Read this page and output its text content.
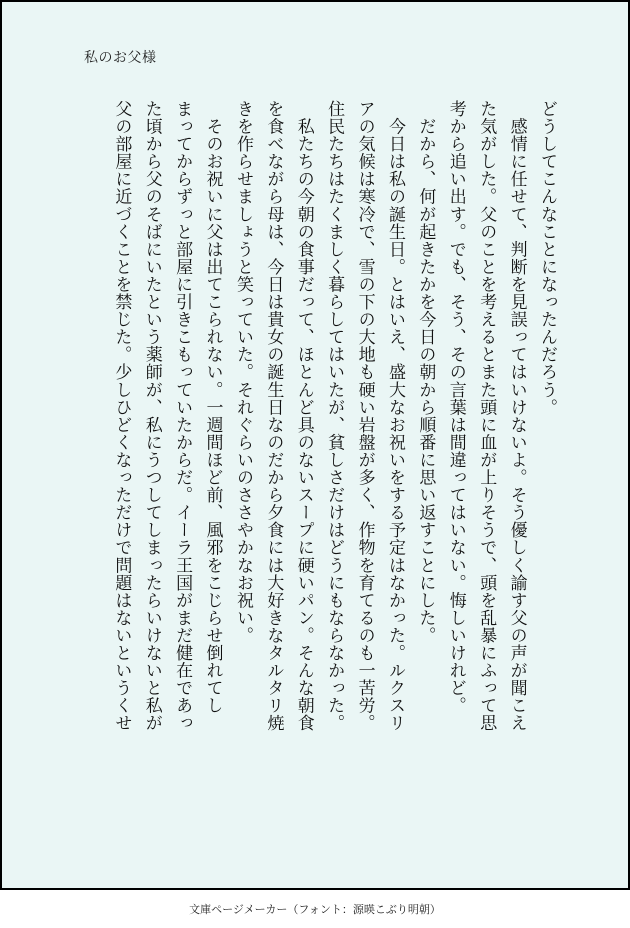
私のお父様

どうしてこんなことになったんだろう。

　感情に任せて、判断を見誤ってはいけないよ。そう優しく諭す父の声が聞こえ

た気がした。父のことを考えるとまた頭に血が上りそうで、頭を乱暴にふって思

考から追い出す。でも、そう、その言葉は間違ってはいない。悔しいけれど。

　だから、何が起きたかを今日の朝から順番に思い返すことにした。

　今日は私の誕生日。とはいえ、盛大なお祝いをする予定はなかった。ルクスリ

アの気候は寒冷で、雪の下の大地も硬い岩盤が多く、作物を育てるのも一苦労。

住民たちはたくましく暮らしてはいたが、貧しさだけはどうにもならなかった。

　私たちの今朝の食事だって、ほとんど具のないスープに硬いパン。そんな朝食

を食べながら母は、今日は貴女の誕生日なのだから夕食には大好きなタルタリ焼

きを作らせましょうと笑っていた。それぐらいのささやかなお祝い。

　そのお祝いに父は出てこられない。一週間ほど前、風邪をこじらせ倒れてし

まってからずっと部屋に引きこもっていたからだ。イーラ王国がまだ健在であっ

た頃から父のそばにいたという薬師が、私にうつしてしまったらいけないと私が

父の部屋に近づくことを禁じた。少しひどくなっただけで問題はないというくせ

文庫ページメーカー（フォント：源暎こぶり明朝）
